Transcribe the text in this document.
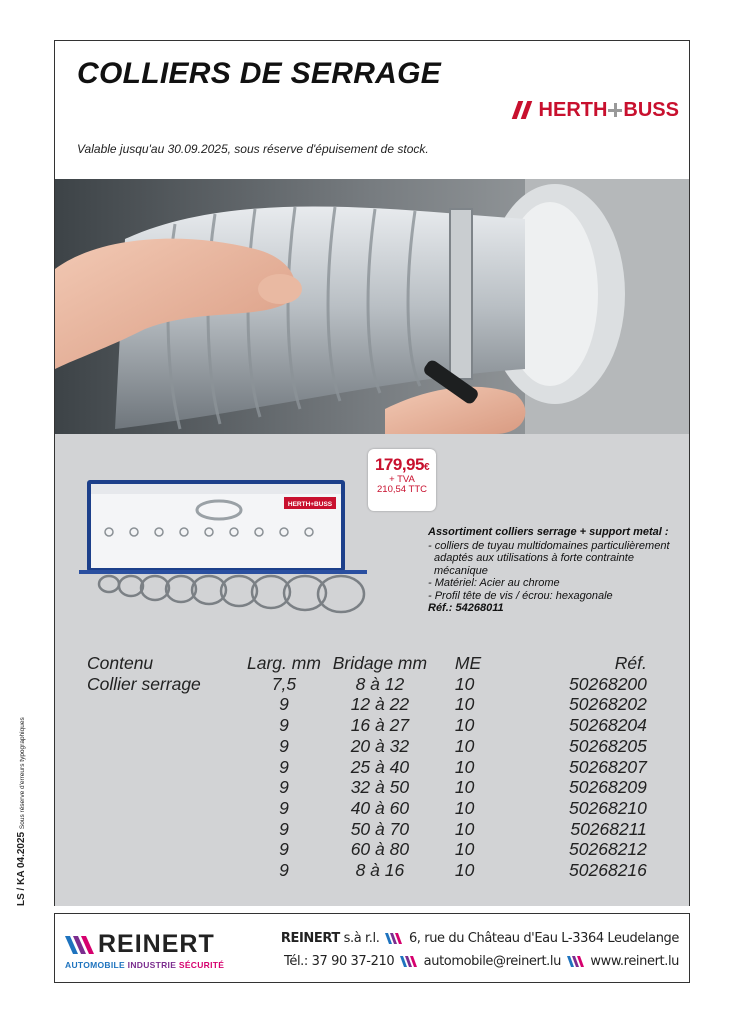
COLLIERS DE SERRAGE
HERTH BUSS
Valable jusqu'au 30.09.2025, sous réserve d'épuisement de stock.
HERTH+BUSS
179,95€
+ TVA
210,54 TTC
Assortiment colliers serrage + support metal :
- colliers de tuyau multidomaines particulièrement
adaptés aux utilisations à forte contrainte
mécanique
- Matériel: Acier au chrome
- Profil tête de vis / écrou: hexagonale
Réf.: 54268011
Contenu	Larg. mm	Bridage mm	ME	Réf.
Collier serrage	7,5	8 à 12	10	50268200
	9	12 à 22	10	50268202
	9	16 à 27	10	50268204
	9	20 à 32	10	50268205
	9	25 à 40	10	50268207
	9	32 à 50	10	50268209
	9	40 à 60	10	50268210
	9	50 à 70	10	50268211
	9	60 à 80	10	50268212
	9	8 à 16	10	50268216
LS / KA 04.2025 Sous réserve d'erreurs typographiques
REINERT
AUTOMOBILE INDUSTRIE SÉCURITÉ
REINERT s.à r.l. 6, rue du Château d'Eau L-3364 Leudelange
Tél.: 37 90 37-210 automobile@reinert.lu www.reinert.lu
